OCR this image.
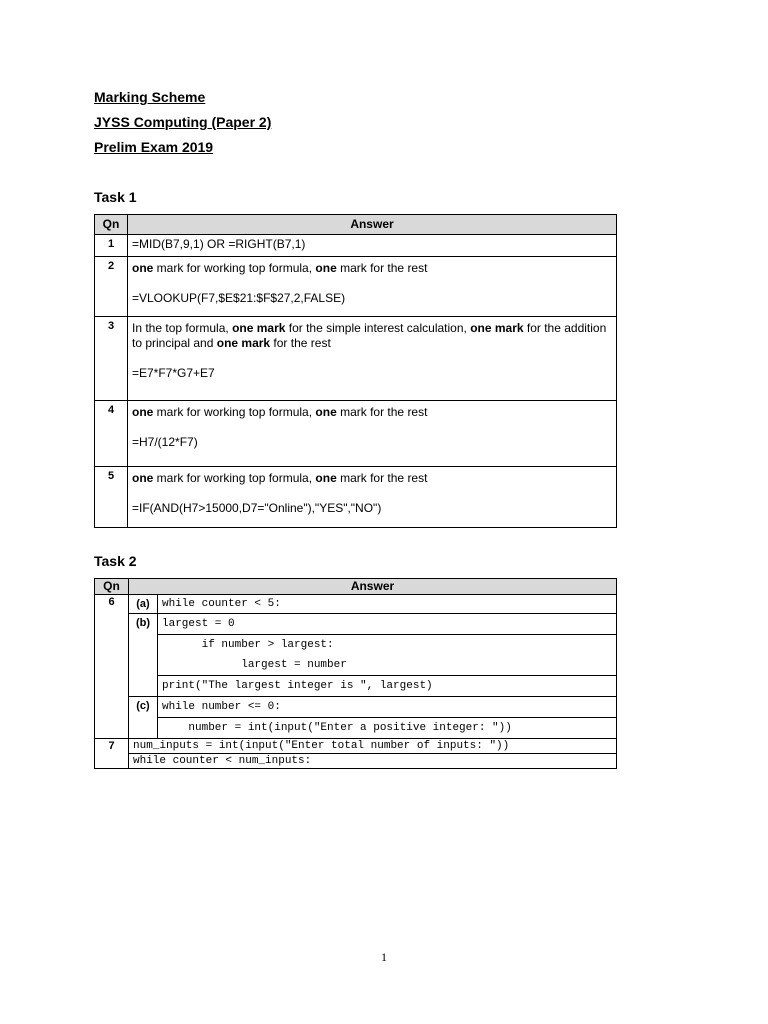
Marking Scheme
JYSS Computing (Paper 2)
Prelim Exam 2019
Task 1
Qn	Answer
1	=MID(B7,9,1) OR =RIGHT(B7,1)

2	one mark for working top formula, one mark for the rest

=VLOOKUP(F7,$E$21:$F$27,2,FALSE)

3	In the top formula, one mark for the simple interest calculation, one mark for the addition to principal and one mark for the rest

=E7*F7*G7+E7

4	one mark for working top formula, one mark for the rest

=H7/(12*F7)

5	one mark for working top formula, one mark for the rest

=IF(AND(H7>15000,D7="Online"),"YES","NO")

Task 2
Qn	Answer	
6	(a)	while counter < 5:
	(b)	largest = 0
		if number > largest:
		largest = number
		print("The largest integer is ", largest)
	(c)	while number <= 0:
		number = int(input("Enter a positive integer: "))
7	num_inputs = int(input("Enter total number of inputs: "))	
	while counter < num_inputs:	
1
